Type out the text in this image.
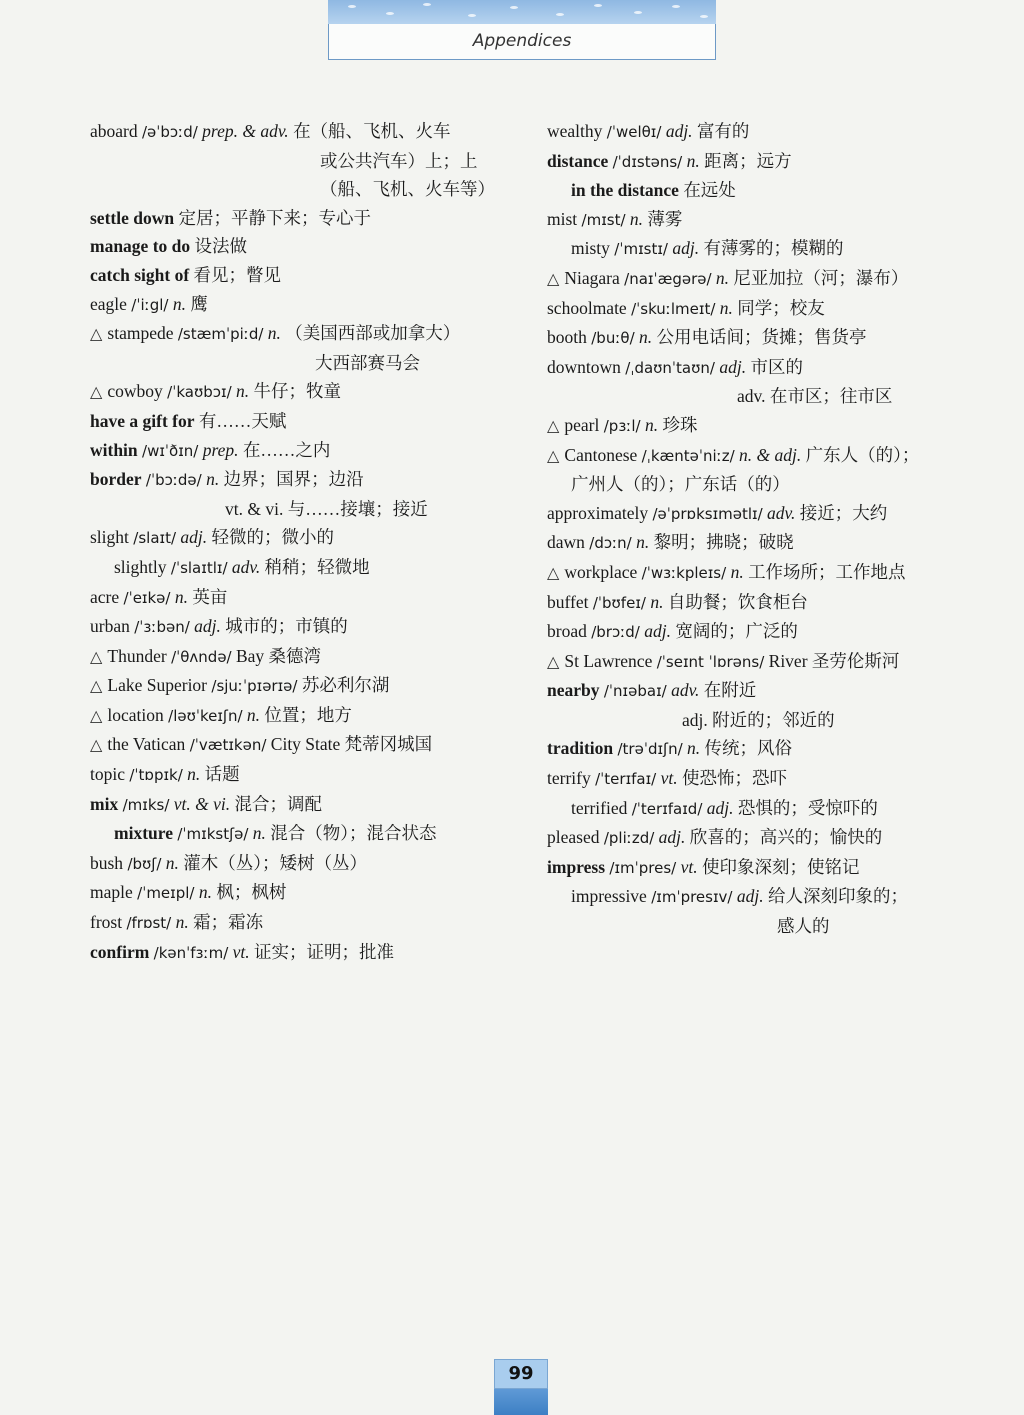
Appendices
aboard /əˈbɔːd/ prep. & adv. 在（船、飞机、火车
或公共汽车）上；上
（船、飞机、火车等）
settle down 定居；平静下来；专心于
manage to do 设法做
catch sight of 看见；瞥见
eagle /ˈiːgl/ n. 鹰
△ stampede /stæmˈpiːd/ n. （美国西部或加拿大）
大西部赛马会
△ cowboy /ˈkaʊbɔɪ/ n. 牛仔；牧童
have a gift for 有……天赋
within /wɪˈðɪn/ prep. 在……之内
border /ˈbɔːdə/ n. 边界；国界；边沿
vt. & vi. 与……接壤；接近
slight /slaɪt/ adj. 轻微的；微小的
slightly /ˈslaɪtlɪ/ adv. 稍稍；轻微地
acre /ˈeɪkə/ n. 英亩
urban /ˈɜːbən/ adj. 城市的；市镇的
△ Thunder /ˈθʌndə/ Bay 桑德湾
△ Lake Superior /sjuːˈpɪərɪə/ 苏必利尔湖
△ location /ləʊˈkeɪʃn/ n. 位置；地方
△ the Vatican /ˈvætɪkən/ City State 梵蒂冈城国
topic /ˈtɒpɪk/ n. 话题
mix /mɪks/ vt. & vi. 混合；调配
mixture /ˈmɪkstʃə/ n. 混合（物）；混合状态
bush /bʊʃ/ n. 灌木（丛）；矮树（丛）
maple /ˈmeɪpl/ n. 枫；枫树
frost /frɒst/ n. 霜；霜冻
confirm /kənˈfɜːm/ vt. 证实；证明；批准
wealthy /ˈwelθɪ/ adj. 富有的
distance /ˈdɪstəns/ n. 距离；远方
in the distance 在远处
mist /mɪst/ n. 薄雾
misty /ˈmɪstɪ/ adj. 有薄雾的；模糊的
△ Niagara /naɪˈægərə/ n. 尼亚加拉（河；瀑布）
schoolmate /ˈskuːlmeɪt/ n. 同学；校友
booth /buːθ/ n. 公用电话间；货摊；售货亭
downtown /ˌdaʊnˈtaʊn/ adj. 市区的
adv. 在市区；往市区
△ pearl /pɜːl/ n. 珍珠
△ Cantonese /ˌkæntəˈniːz/ n. & adj. 广东人（的）；
广州人（的）；广东话（的）
approximately /əˈprɒksɪmətlɪ/ adv. 接近；大约
dawn /dɔːn/ n. 黎明；拂晓；破晓
△ workplace /ˈwɜːkpleɪs/ n. 工作场所；工作地点
buffet /ˈbʊfeɪ/ n. 自助餐；饮食柜台
broad /brɔːd/ adj. 宽阔的；广泛的
△ St Lawrence /ˈseɪnt ˈlɒrəns/ River 圣劳伦斯河
nearby /ˈnɪəbaɪ/ adv. 在附近
adj. 附近的；邻近的
tradition /trəˈdɪʃn/ n. 传统；风俗
terrify /ˈterɪfaɪ/ vt. 使恐怖；恐吓
terrified /ˈterɪfaɪd/ adj. 恐惧的；受惊吓的
pleased /pliːzd/ adj. 欣喜的；高兴的；愉快的
impress /ɪmˈpres/ vt. 使印象深刻；使铭记
impressive /ɪmˈpresɪv/ adj. 给人深刻印象的；
感人的
99
